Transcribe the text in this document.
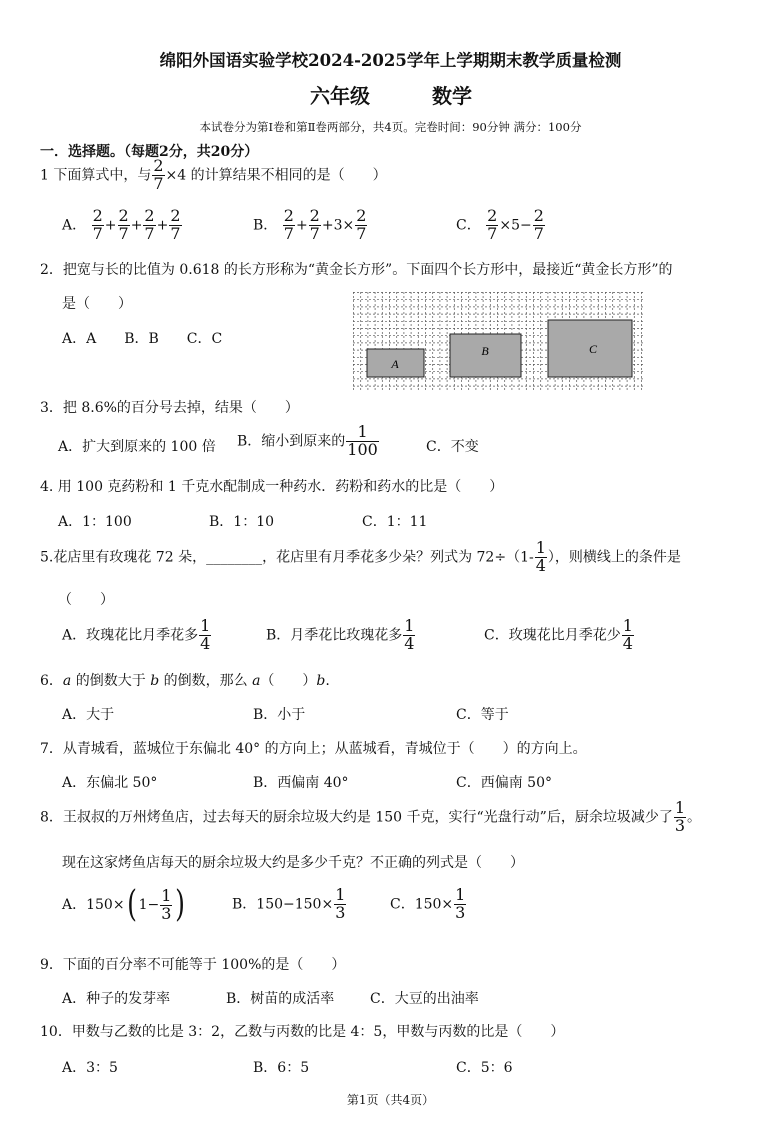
绵阳外国语实验学校2024-2025学年上学期期末教学质量检测
六年级	数学
本试卷分为第Ⅰ卷和第Ⅱ卷两部分，共4页。完卷时间：90分钟 满分：100分
一．选择题。（每题2分，共20分）
1 下面算式中，与 $\frac{2}{7} \times 4$ 的计算结果不相同的是（　　）
A． $\frac{2}{7} + \frac{2}{7} + \frac{2}{7} + \frac{2}{7}$	B． $\frac{2}{7} + \frac{2}{7} +3\times \frac{2}{7}$	C． $\frac{2}{7} \times 5- \frac{2}{7}$
2．把宽与长的比值为 0.618 的长方形称为“黄金长方形”。下面四个长方形中，最接近“黄金长方形”的
是（　　）
A．A　　B．B　　C．C
A
B	C
3．把 8.6%的百分号去掉，结果（　　）
A．扩大到原来的 100 倍 B．缩小到原来的 $\frac{1}{100}$	C．不变
4. 用 100 克药粉和 1 千克水配制成一种药水．药粉和药水的比是（　　）
A．1：100	B．1：10	C．1：11
5.花店里有玫瑰花 72 朵，________，花店里有月季花多少朵？列式为 $72\div(1- \frac{1}{4}$ ），则横线上的条件是
（　　）
A．玫瑰花比月季花多 $\frac{1}{4}$	B．月季花比玫瑰花多 $\frac{1}{4}$	C．玫瑰花比月季花少 $\frac{1}{4}$
6．a 的倒数大于 b 的倒数，那么 a（　　）b.
A．大于	B．小于	C．等于
7．从青城看，蓝城位于东偏北 40° 的方向上；从蓝城看，青城位于（　　）的方向上。
A．东偏北 50°	B．西偏南 40°	C．西偏南 50°
8．王叔叔的万州烤鱼店，过去每天的厨余垃圾大约是 150 千克，实行“光盘行动”后，厨余垃圾减少了 $\frac{1}{3}$ 。
现在这家烤鱼店每天的厨余垃圾大约是多少千克？不正确的列式是（　　）
A．150×( $1- \frac{1}{3}$ )	B．$150-150\times \frac{1}{3}$	C．$150\times \frac{1}{3}$
9．下面的百分率不可能等于 100%的是（　　）
A．种子的发芽率	B．树苗的成活率	C．大豆的出油率
10．甲数与乙数的比是 3：2，乙数与丙数的比是 4：5，甲数与丙数的比是（　　）
A．3：5	B．6：5	C．5：6
第1页（共4页）
